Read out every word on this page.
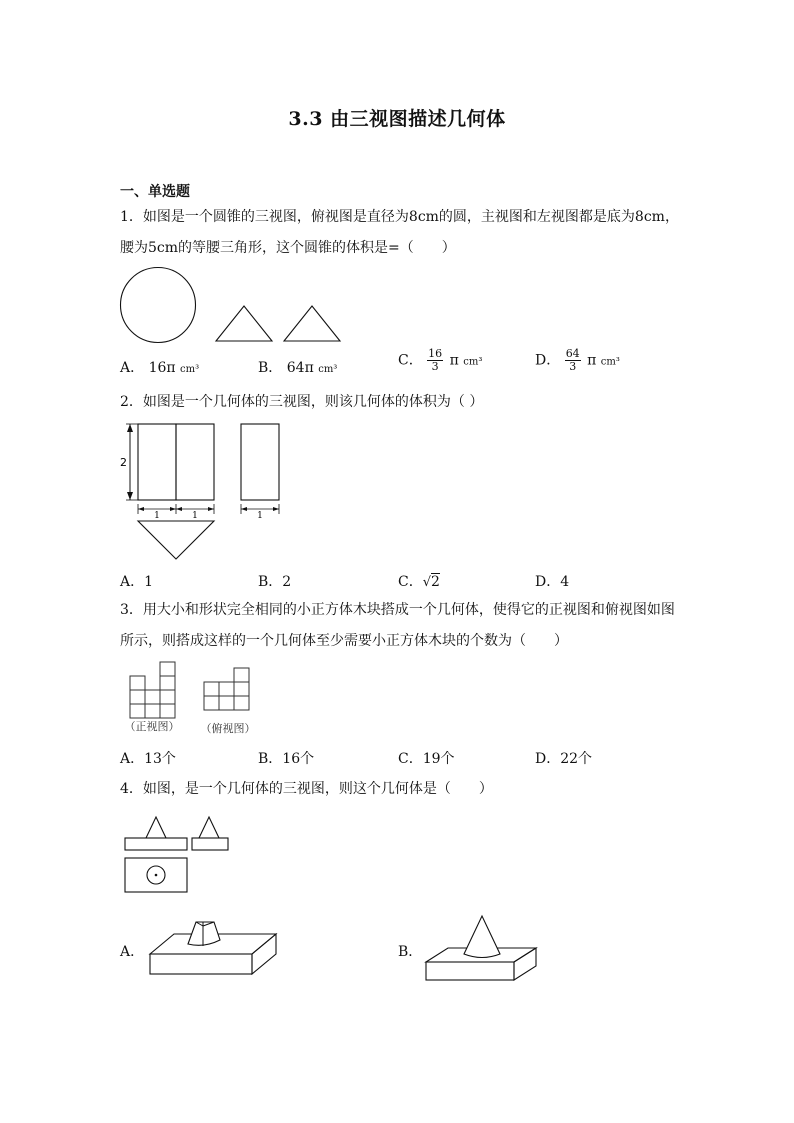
3.3 由三视图描述几何体
一、单选题
1．如图是一个圆锥的三视图，俯视图是直径为8cm的圆，主视图和左视图都是底为8cm，
腰为5cm的等腰三角形，这个圆锥的体积是=（　　）
A． 16π cm³	B． 64π cm³
C． $\frac{16}{3}$ π cm³	D． $\frac{64}{3}$ π cm³
2．如图是一个几何体的三视图，则该几何体的体积为（ ）
2
1	1	1
A．1	B．2	C．√2	D．4
3．用大小和形状完全相同的小正方体木块搭成一个几何体，使得它的正视图和俯视图如图
所示，则搭成这样的一个几何体至少需要小正方体木块的个数为（　　）
（正视图） （俯视图）
A．13个	B．16个	C．19个	D．22个
4．如图，是一个几何体的三视图，则这个几何体是（　　）
A．	B．
